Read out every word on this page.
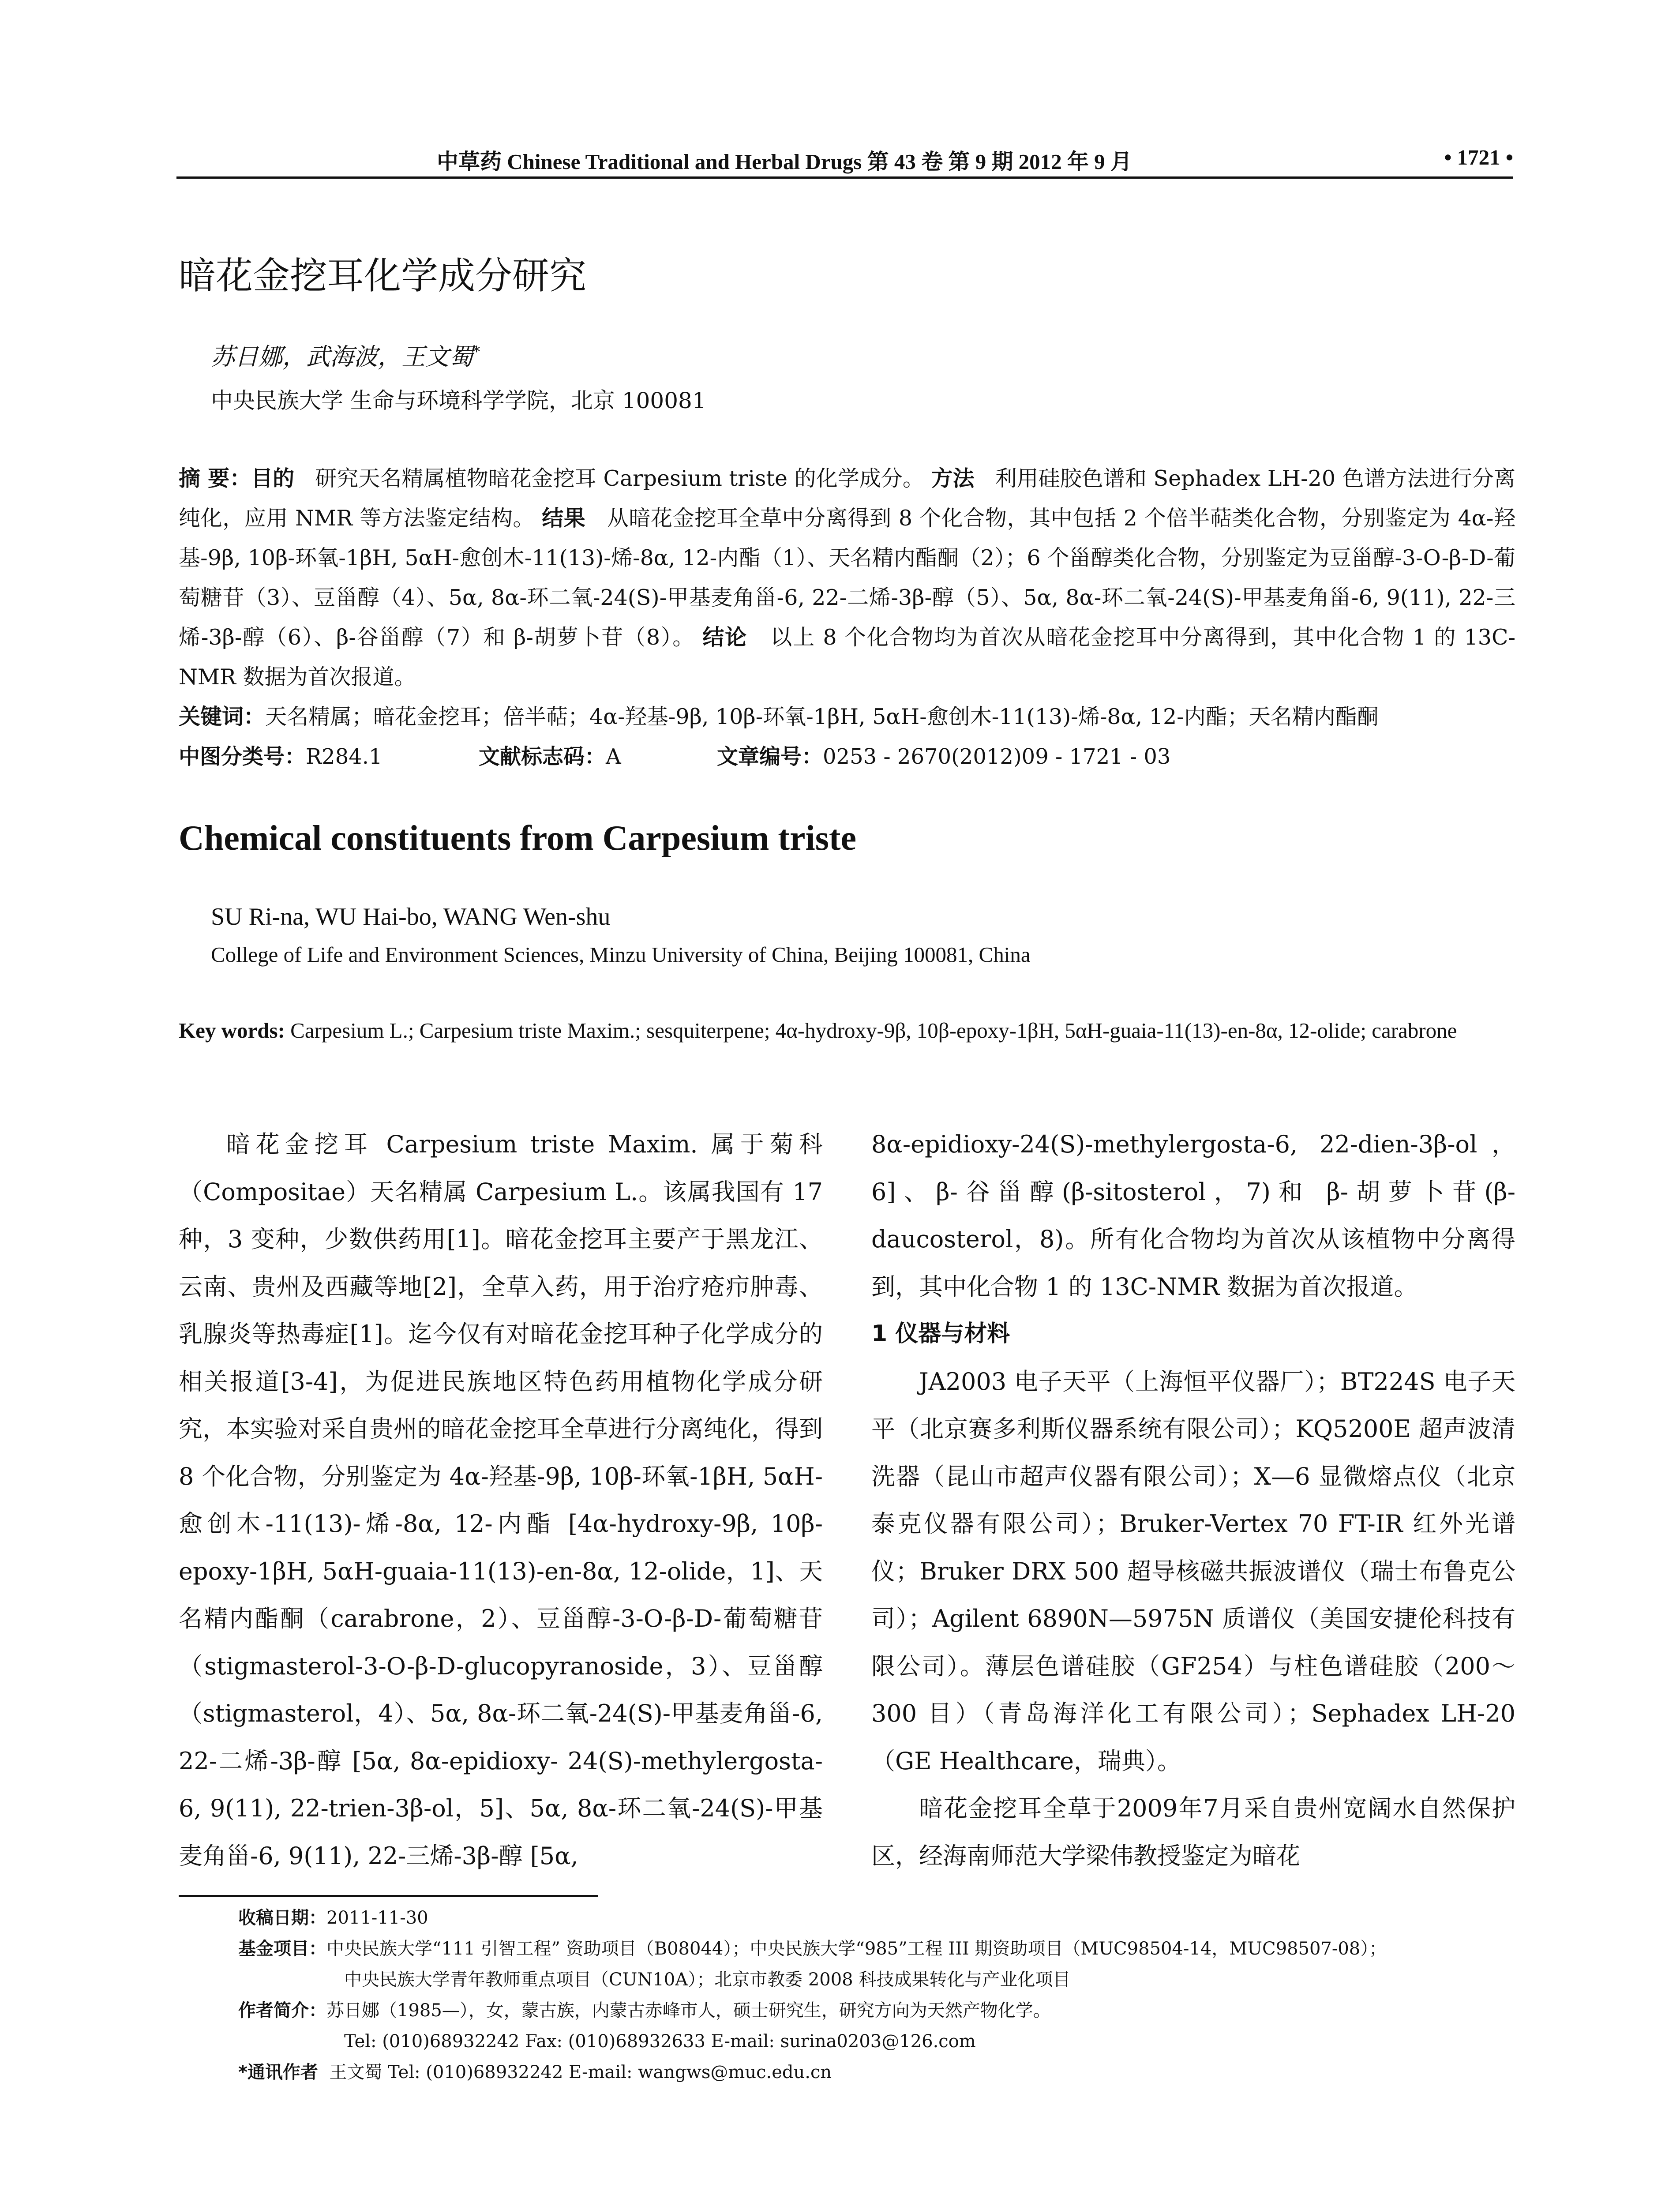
中草药 Chinese Traditional and Herbal Drugs 第 43 卷 第 9 期 2012 年 9 月	• 1721 •
暗花金挖耳化学成分研究
苏日娜，武海波，王文蜀*
中央民族大学 生命与环境科学学院，北京 100081
摘 要：目的 研究天名精属植物暗花金挖耳 Carpesium triste 的化学成分。 方法 利用硅胶色谱和 Sephadex LH-20 色谱方法进行分离纯化，应用 NMR 等方法鉴定结构。 结果 从暗花金挖耳全草中分离得到 8 个化合物，其中包括 2 个倍半萜类化合物，分别鉴定为 4α-羟基-9β, 10β-环氧-1βH, 5αH-愈创木-11(13)-烯-8α, 12-内酯（1）、天名精内酯酮（2）；6 个甾醇类化合物，分别鉴定为豆甾醇-3-O-β-D-葡萄糖苷（3）、豆甾醇（4）、5α, 8α-环二氧-24(S)-甲基麦角甾-6, 22-二烯-3β-醇（5）、5α, 8α-环二氧-24(S)-甲基麦角甾-6, 9(11), 22-三烯-3β-醇（6）、β-谷甾醇（7）和 β-胡萝卜苷（8）。 结论 以上 8 个化合物均为首次从暗花金挖耳中分离得到，其中化合物 1 的 13C-NMR 数据为首次报道。
关键词：天名精属；暗花金挖耳；倍半萜；4α-羟基-9β, 10β-环氧-1βH, 5αH-愈创木-11(13)-烯-8α, 12-内酯；天名精内酯酮
中图分类号：R284.1	文献标志码：A	文章编号：0253 - 2670(2012)09 - 1721 - 03
Chemical constituents from Carpesium triste
SU Ri-na, WU Hai-bo, WANG Wen-shu
College of Life and Environment Sciences, Minzu University of China, Beijing 100081, China
Key words: Carpesium L.; Carpesium triste Maxim.; sesquiterpene; 4α-hydroxy-9β, 10β-epoxy-1βH, 5αH-guaia-11(13)-en-8α, 12-olide; carabrone

暗花金挖耳 Carpesium triste Maxim. 属于菊科（Compositae）天名精属 Carpesium L.。该属我国有 17 种，3 变种，少数供药用[1]。暗花金挖耳主要产于黑龙江、云南、贵州及西藏等地[2]，全草入药，用于治疗疮疖肿毒、乳腺炎等热毒症[1]。迄今仅有对暗花金挖耳种子化学成分的相关报道[3-4]，为促进民族地区特色药用植物化学成分研究，本实验对采自贵州的暗花金挖耳全草进行分离纯化，得到 8 个化合物，分别鉴定为 4α-羟基-9β, 10β-环氧-1βH, 5αH-愈创木-11(13)-烯-8α, 12-内酯 [4α-hydroxy-9β, 10β-epoxy-1βH, 5αH-guaia-11(13)-en-8α, 12-olide，1]、天名精内酯酮（carabrone，2）、豆甾醇-3-O-β-D-葡萄糖苷（stigmasterol-3-O-β-D-glucopyranoside，3）、豆甾醇（stigmasterol，4）、5α, 8α-环二氧-24(S)-甲基麦角甾-6, 22-二烯-3β-醇 [5α, 8α-epidioxy- 24(S)-methylergosta- 6, 9(11), 22-trien-3β-ol，5]、5α, 8α-环二氧-24(S)-甲基麦角甾-6, 9(11), 22-三烯-3β-醇 [5α,

8α-epidioxy-24(S)-methylergosta-6, 22-dien-3β-ol，6]、β-谷甾醇(β-sitosterol，7)和 β-胡萝卜苷(β-daucosterol，8)。所有化合物均为首次从该植物中分离得到，其中化合物 1 的 13C-NMR 数据为首次报道。

1 仪器与材料

JA2003 电子天平（上海恒平仪器厂）；BT224S 电子天平（北京赛多利斯仪器系统有限公司）；KQ5200E 超声波清洗器（昆山市超声仪器有限公司）；X—6 显微熔点仪（北京泰克仪器有限公司）；Bruker-Vertex 70 FT-IR 红外光谱仪；Bruker DRX 500 超导核磁共振波谱仪（瑞士布鲁克公司）；Agilent 6890N—5975N 质谱仪（美国安捷伦科技有限公司）。薄层色谱硅胶（GF254）与柱色谱硅胶（200～300 目）（青岛海洋化工有限公司）；Sephadex LH-20（GE Healthcare，瑞典）。

暗花金挖耳全草于2009年7月采自贵州宽阔水自然保护区，经海南师范大学梁伟教授鉴定为暗花

收稿日期：2011-11-30
基金项目：中央民族大学“111 引智工程” 资助项目（B08044）；中央民族大学“985”工程 III 期资助项目（MUC98504-14，MUC98507-08）；
中央民族大学青年教师重点项目（CUN10A）；北京市教委 2008 科技成果转化与产业化项目
作者简介：苏日娜（1985—），女，蒙古族，内蒙古赤峰市人，硕士研究生，研究方向为天然产物化学。
Tel: (010)68932242 Fax: (010)68932633 E-mail: surina0203@126.com
*通讯作者 王文蜀 Tel: (010)68932242 E-mail: wangws@muc.edu.cn
